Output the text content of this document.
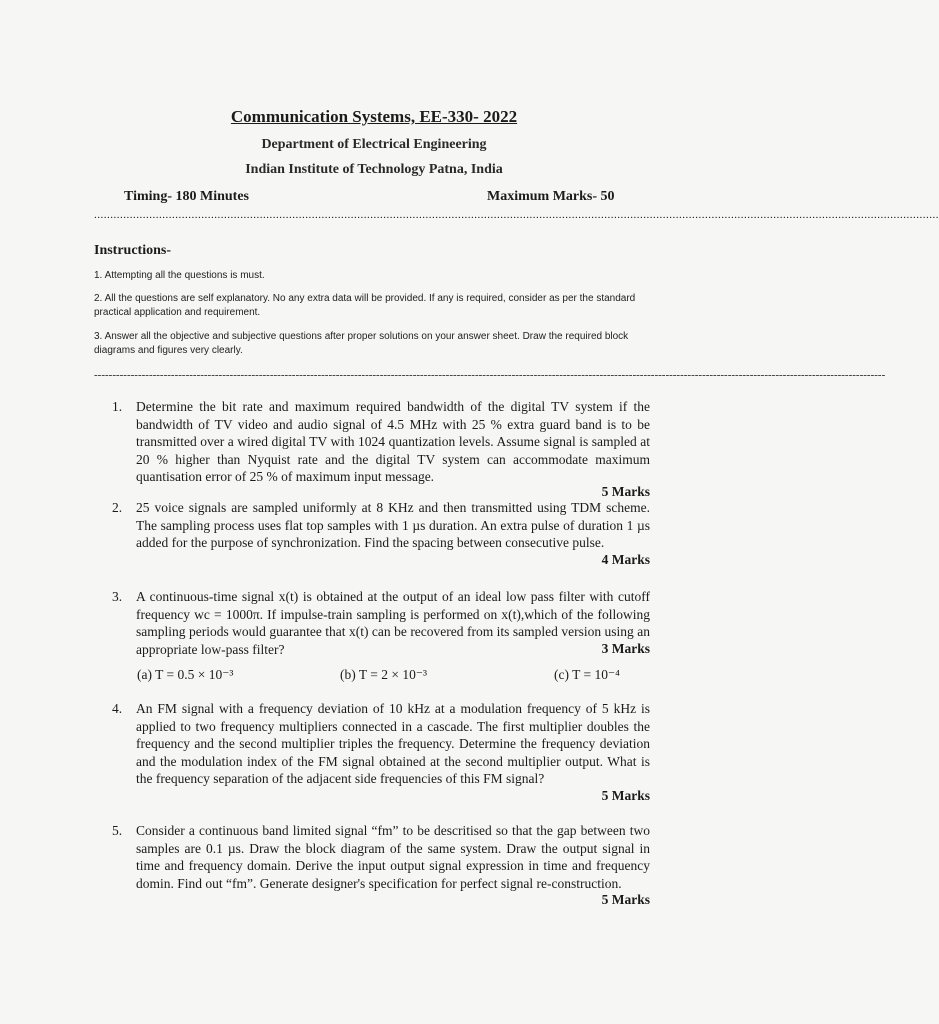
Communication Systems, EE-330- 2022
Department of Electrical Engineering
Indian Institute of Technology Patna, India
Timing- 180 Minutes	Maximum Marks- 50
....................................................................................................................................................................................................................................................................
Instructions-
1. Attempting all the questions is must.
2. All the questions are self explanatory. No any extra data will be provided. If any is required, consider as per the standard practical application and requirement.
3. Answer all the objective and subjective questions after proper solutions on your answer sheet. Draw the required block diagrams and figures very clearly.
------------------------------------------------------------------------------------------------------------------------------------------------------------------------------------------------------------------------
1. Determine the bit rate and maximum required bandwidth of the digital TV system if the bandwidth of TV video and audio signal of 4.5 MHz with 25 % extra guard band is to be transmitted over a wired digital TV with 1024 quantization levels. Assume signal is sampled at 20 % higher than Nyquist rate and the digital TV system can accommodate maximum quantisation error of 25 % of maximum input message.
5 Marks
2. 25 voice signals are sampled uniformly at 8 KHz and then transmitted using TDM scheme. The sampling process uses flat top samples with 1 µs duration. An extra pulse of duration 1 µs added for the purpose of synchronization. Find the spacing between consecutive pulse.
4 Marks
3. A continuous-time signal x(t) is obtained at the output of an ideal low pass filter with cutoff frequency wc = 1000π. If impulse-train sampling is performed on x(t),which of the following sampling periods would guarantee that x(t) can be recovered from its sampled version using an appropriate low-pass filter?	3 Marks
(a) T = 0.5 × 10⁻³	(b) T = 2 × 10⁻³	(c) T = 10⁻⁴
4. An FM signal with a frequency deviation of 10 kHz at a modulation frequency of 5 kHz is applied to two frequency multipliers connected in a cascade. The first multiplier doubles the frequency and the second multiplier triples the frequency. Determine the frequency deviation and the modulation index of the FM signal obtained at the second multiplier output. What is the frequency separation of the adjacent side frequencies of this FM signal?
5 Marks
5. Consider a continuous band limited signal “fm” to be descritised so that the gap between two samples are 0.1 µs. Draw the block diagram of the same system. Draw the output signal in time and frequency domain. Derive the input output signal expression in time and frequency domin. Find out “fm”. Generate designer's specification for perfect signal re-construction.
5 Marks
